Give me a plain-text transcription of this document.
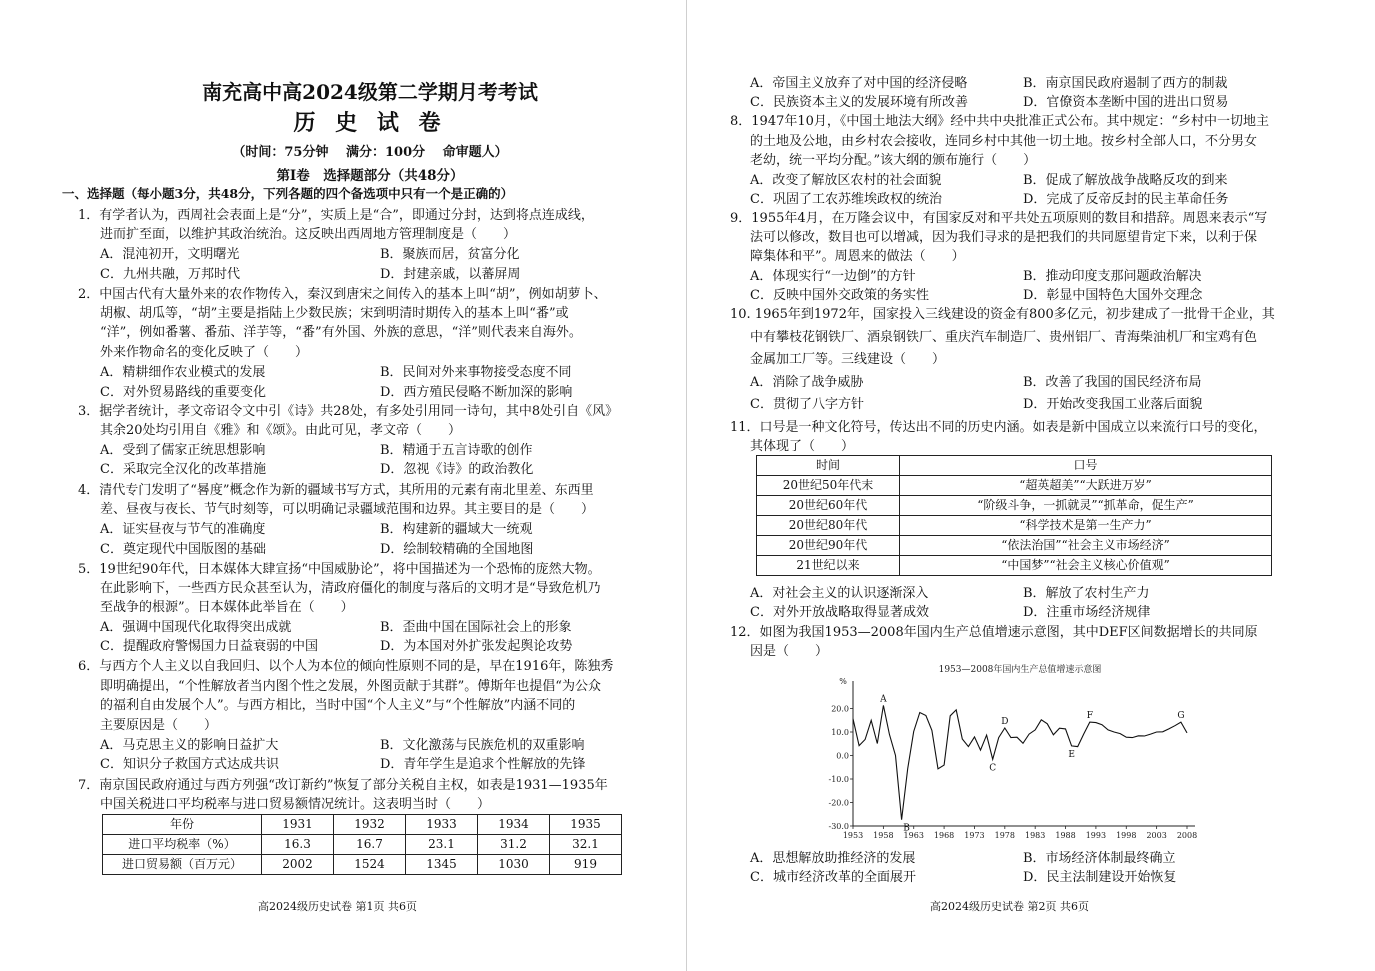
南充高中高2024级第二学期月考考试
历 史 试 卷
（时间：75分钟　 满分：100分　 命审题人）
第Ⅰ卷　选择题部分（共48分）
一、选择题（每小题3分，共48分，下列各题的四个备选项中只有一个是正确的）
1．有学者认为，西周社会表面上是“分”，实质上是“合”，即通过分封，达到将点连成线，
进而扩至面，以维护其政治统治。这反映出西周地方管理制度是（　　）
A．混沌初开，文明曙光	B．聚族而居，贫富分化
C．九州共融，万邦时代	D．封建亲戚，以蕃屏周
2．中国古代有大量外来的农作物传入，秦汉到唐宋之间传入的基本上叫“胡”，例如胡萝卜、
胡椒、胡瓜等，“胡”主要是指陆上少数民族；宋到明清时期传入的基本上叫“番”或
“洋”，例如番薯、番茄、洋芋等，“番”有外国、外族的意思，“洋”则代表来自海外。
外来作物命名的变化反映了（　　）
A．精耕细作农业模式的发展	B．民间对外来事物接受态度不同
C．对外贸易路线的重要变化	D．西方殖民侵略不断加深的影响
3．据学者统计，孝文帝诏令文中引《诗》共28处，有多处引用同一诗句，其中8处引自《风》
其余20处均引用自《雅》和《颂》。由此可见，孝文帝（　　）
A．受到了儒家正统思想影响	B．精通于五言诗歌的创作
C．采取完全汉化的改革措施	D．忽视《诗》的政治教化
4．清代专门发明了“晷度”概念作为新的疆域书写方式，其所用的元素有南北里差、东西里
差、昼夜与夜长、节气时刻等，可以明确记录疆域范围和边界。其主要目的是（　　）
A．证实昼夜与节气的准确度	B．构建新的疆域大一统观
C．奠定现代中国版图的基础	D．绘制较精确的全国地图
5．19世纪90年代，日本媒体大肆宣扬“中国威胁论”，将中国描述为一个恐怖的庞然大物。
在此影响下，一些西方民众甚至认为，清政府僵化的制度与落后的文明才是“导致危机乃
至战争的根源”。日本媒体此举旨在（　　）
A．强调中国现代化取得突出成就	B．歪曲中国在国际社会上的形象
C．提醒政府警惕国力日益衰弱的中国	D．为本国对外扩张发起舆论攻势
6．与西方个人主义以自我回归、以个人为本位的倾向性原则不同的是，早在1916年，陈独秀
即明确提出，“个性解放者当内图个性之发展，外图贡献于其群”。傅斯年也提倡“为公众
的福利自由发展个人”。与西方相比，当时中国“个人主义”与“个性解放”内涵不同的
主要原因是（　　）
A．马克思主义的影响日益扩大	B．文化激荡与民族危机的双重影响
C．知识分子救国方式达成共识	D．青年学生是追求个性解放的先锋
7．南京国民政府通过与西方列强“改订新约”恢复了部分关税自主权，如表是1931—1935年
中国关税进口平均税率与进口贸易额情况统计。这表明当时（　　）
年份	1931	1932	1933	1934	1935
进口平均税率（%）	16.3	16.7	23.1	31.2	32.1
进口贸易额（百万元）	2002	1524	1345	1030	919
高2024级历史试卷 第1页 共6页
A．帝国主义放弃了对中国的经济侵略	B．南京国民政府遏制了西方的制裁
C．民族资本主义的发展环境有所改善	D．官僚资本垄断中国的进出口贸易
8．1947年10月，《中国土地法大纲》经中共中央批准正式公布。其中规定：“乡村中一切地主
的土地及公地，由乡村农会接收，连同乡村中其他一切土地。按乡村全部人口，不分男女
老幼，统一平均分配。”该大纲的颁布施行（　　）
A．改变了解放区农村的社会面貌	B．促成了解放战争战略反攻的到来
C．巩固了工农苏维埃政权的统治	D．完成了反帝反封的民主革命任务
9．1955年4月，在万隆会议中，有国家反对和平共处五项原则的数目和措辞。周恩来表示“写
法可以修改，数目也可以增减，因为我们寻求的是把我们的共同愿望肯定下来，以利于保
障集体和平”。周恩来的做法（　　）
A．体现实行“一边倒”的方针	B．推动印度支那问题政治解决
C．反映中国外交政策的务实性	D．彰显中国特色大国外交理念
10. 1965年到1972年，国家投入三线建设的资金有800多亿元，初步建成了一批骨干企业，其
中有攀枝花钢铁厂、酒泉钢铁厂、重庆汽车制造厂、贵州铝厂、青海柴油机厂和宝鸡有色
金属加工厂等。三线建设（　　）
A．消除了战争威胁	B．改善了我国的国民经济布局
C．贯彻了八字方针	D．开始改变我国工业落后面貌
11．口号是一种文化符号，传达出不同的历史内涵。如表是新中国成立以来流行口号的变化，
其体现了（　　）
时间	口号
20世纪50年代末	“超英超美”“大跃进万岁”
20世纪60年代	“阶级斗争，一抓就灵”“抓革命，促生产”
20世纪80年代	“科学技术是第一生产力”
20世纪90年代	“依法治国”“社会主义市场经济”
21世纪以来	“中国梦”“社会主义核心价值观”
A．对社会主义的认识逐渐深入	B．解放了农村生产力
C．对外开放战略取得显著成效	D．注重市场经济规律
12．如图为我国1953—2008年国内生产总值增速示意图，其中DEF区间数据增长的共同原
因是（　　）
A．思想解放助推经济的发展	B．市场经济体制最终确立
C．城市经济改革的全面展开	D．民主法制建设开始恢复
高2024级历史试卷 第2页 共6页
1953—2008年国内生产总值增速示意图
%
20.0
10.0
0.0
-10.0
-20.0
-30.0
1953 1958 1963 1968 1973 1978 1983 1988 1993 1998 2003 2008
A
B
C
D
E
F	G
